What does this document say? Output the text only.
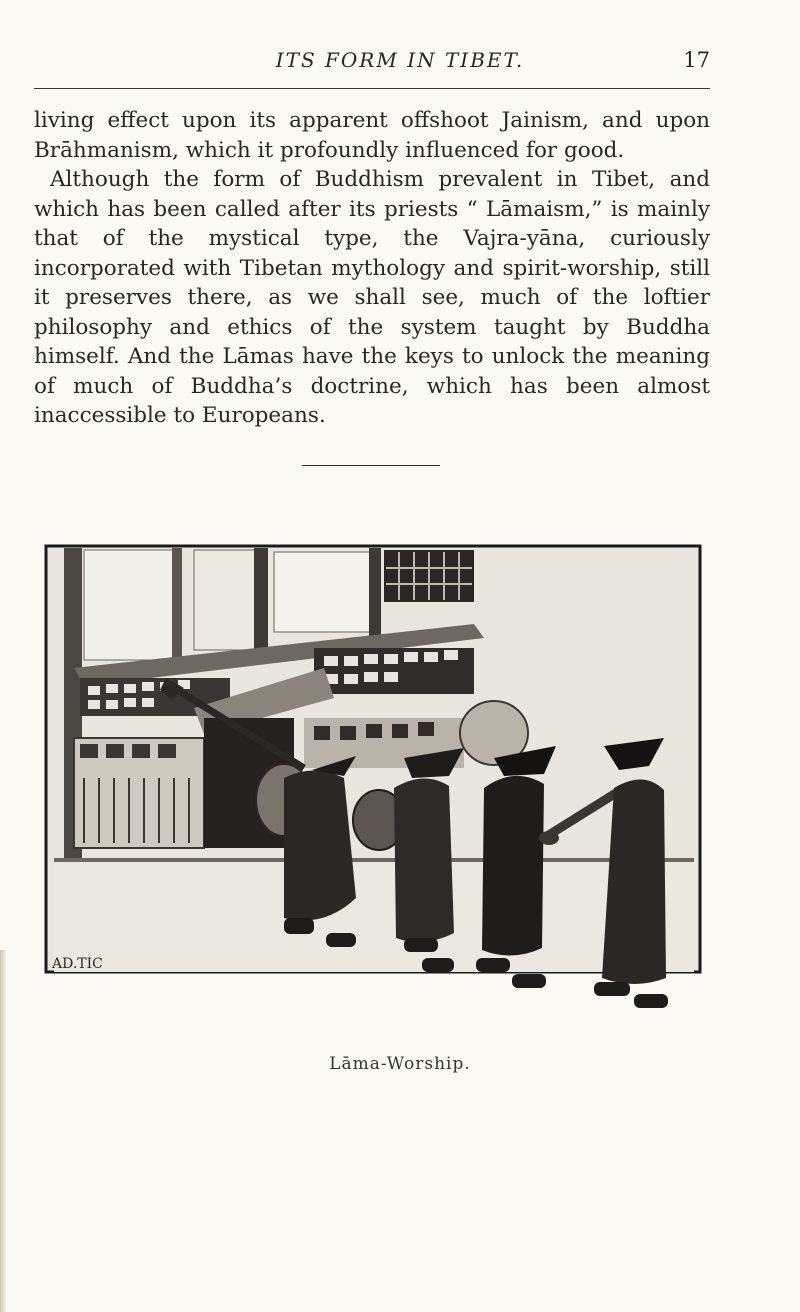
ITS FORM IN TIBET.	17

living effect upon its apparent offshoot Jainism, and upon Brāhmanism, which it profoundly influenced for good.

Although the form of Buddhism prevalent in Tibet, and which has been called after its priests “ Lāmaism,” is mainly that of the mystical type, the Vajra-yāna, curiously incorporated with Tibetan mythology and spirit-worship, still it preserves there, as we shall see, much of the loftier philosophy and ethics of the system taught by Buddha himself. And the Lāmas have the keys to unlock the meaning of much of Buddha’s doctrine, which has been almost inaccessible to Europeans.

AD.TIC
Lāma-Worship.
